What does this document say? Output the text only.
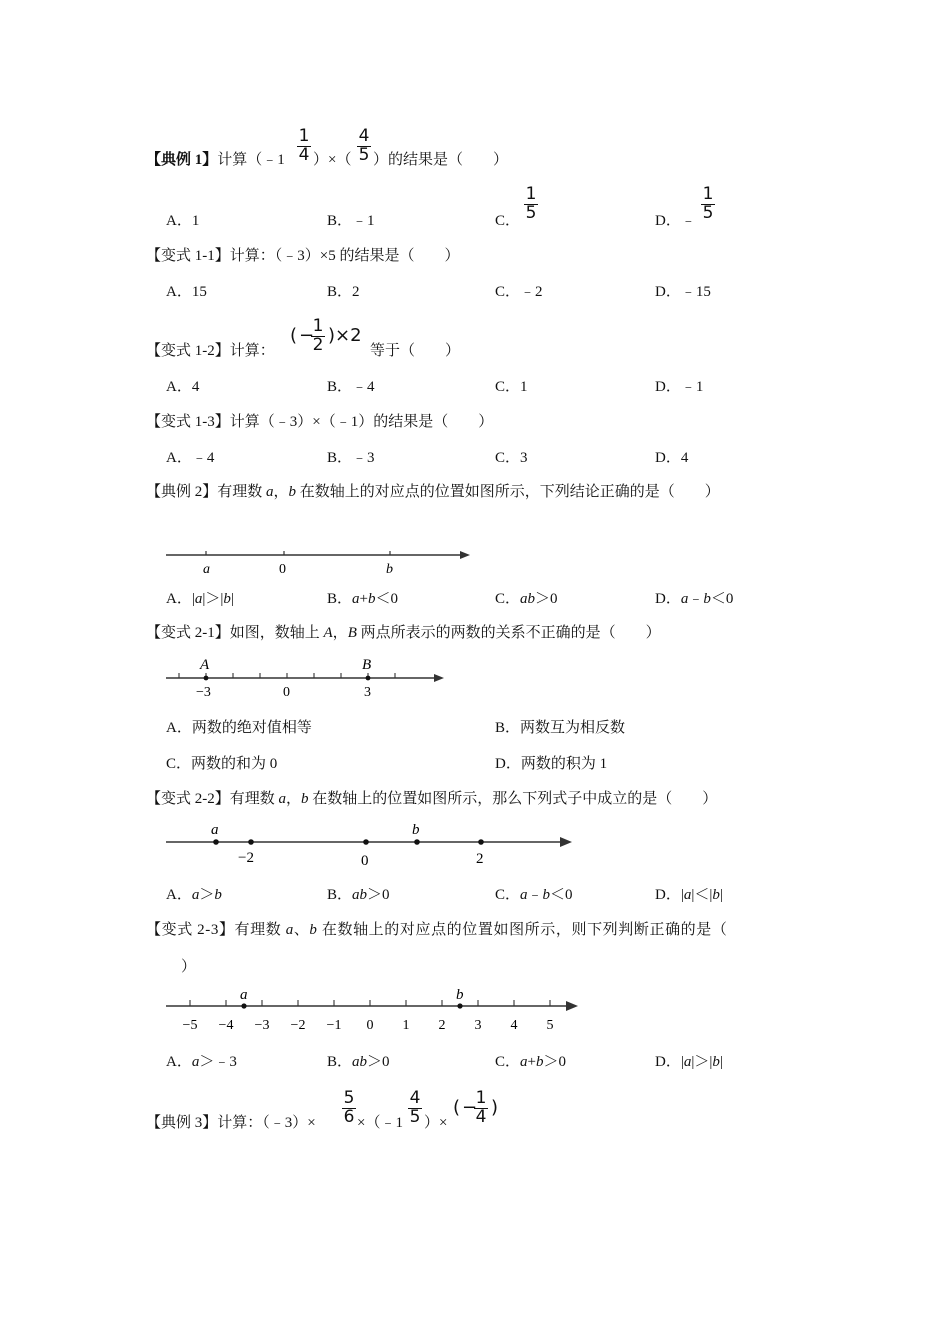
【典例 1】计算（﹣1
1
4 ）×（
4
5 ）的结果是（　　）
A．1	B．﹣1	C．
1
5	D．﹣
1
5
【变式 1-1】计算：（﹣3）×5 的结果是（　　）
A．15	B．2	C．﹣2	D．﹣15
【变式 1-2】计算：
( −
1
2 )×2
等于（　　）
A．4	B．﹣4	C．1	D．﹣1
【变式 1-3】计算（﹣3）×（﹣1）的结果是（　　）
A．﹣4	B．﹣3	C．3	D．4
【典例 2】有理数 a，b 在数轴上的对应点的位置如图所示，下列结论正确的是（　　）
a	0	b
A．|a|＞|b|	B．a+b＜0	C．ab＞0	D．a﹣b＜0
【变式 2-1】如图，数轴上 A，B 两点所表示的两数的关系不正确的是（　　）
A	B
−3	0	3
A．两数的绝对值相等	B．两数互为相反数
C．两数的和为 0	D．两数的积为 1
【变式 2-2】有理数 a，b 在数轴上的位置如图所示，那么下列式子中成立的是（　　）
a	b
−2	0	2
A．a＞b	B．ab＞0	C．a﹣b＜0	D．|a|＜|b|
【变式 2-3】有理数 a、b 在数轴上的对应点的位置如图所示，则下列判断正确的是（
）
−5 −4 −3 −2 −1 0 1 2 3 4 5
a	b
A．a＞﹣3	B．ab＞0	C．a+b＞0	D．|a|＞|b|
【典例 3】计算：（﹣3）×
5
6 ×（﹣1
4
5 ）×
( −
1
4 )
